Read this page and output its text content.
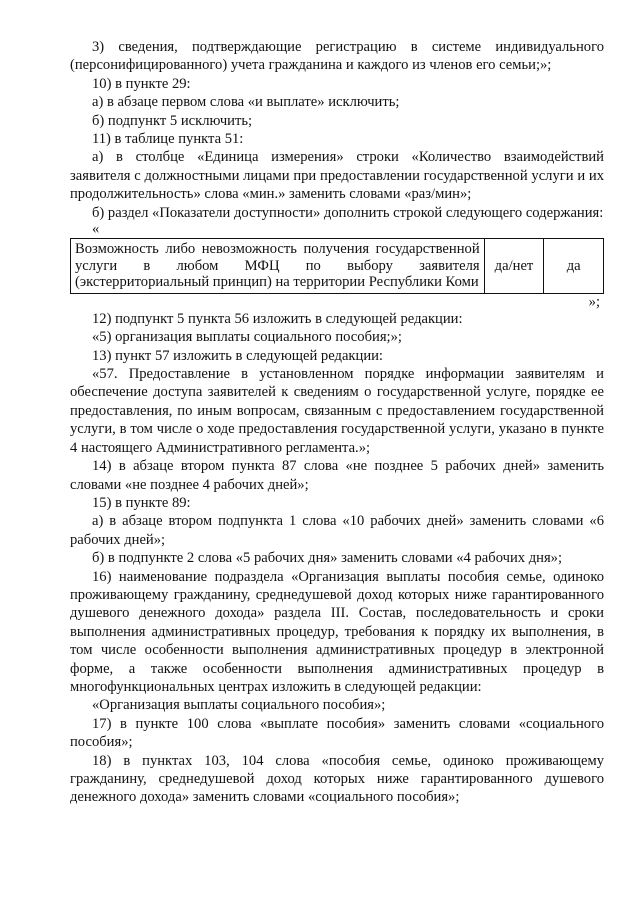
3) сведения, подтверждающие регистрацию в системе индивидуального (персонифицированного) учета гражданина и каждого из членов его семьи;»;

10) в пункте 29:

а) в абзаце первом слова «и выплате» исключить;

б) подпункт 5 исключить;

11) в таблице пункта 51:

а) в столбце «Единица измерения» строки «Количество взаимодействий заявителя с должностными лицами при предоставлении государственной услуги и их продолжительность» слова «мин.» заменить словами «раз/мин»;

б) раздел «Показатели доступности» дополнить строкой следующего содержания:

«

Возможность либо невозможность получения государственной услуги в любом МФЦ по выбору заявителя (экстерриториальный принцип) на территории Республики Коми	да/нет	да

»;

12) подпункт 5 пункта 56 изложить в следующей редакции:

«5) организация выплаты социального пособия;»;

13) пункт 57 изложить в следующей редакции:

«57. Предоставление в установленном порядке информации заявителям и обеспечение доступа заявителей к сведениям о государственной услуге, порядке ее предоставления, по иным вопросам, связанным с предоставлением государственной услуги, в том числе о ходе предоставления государственной услуги, указано в пункте 4 настоящего Административного регламента.»;

14) в абзаце втором пункта 87 слова «не позднее 5 рабочих дней» заменить словами «не позднее 4 рабочих дней»;

15) в пункте 89:

а) в абзаце втором подпункта 1 слова «10 рабочих дней» заменить словами «6 рабочих дней»;

б) в подпункте 2 слова «5 рабочих дня» заменить словами «4 рабочих дня»;

16) наименование подраздела «Организация выплаты пособия семье, одиноко проживающему гражданину, среднедушевой доход которых ниже гарантированного душевого денежного дохода» раздела III. Состав, последовательность и сроки выполнения административных процедур, требования к порядку их выполнения, в том числе особенности выполнения административных процедур в электронной форме, а также особенности выполнения административных процедур в многофункциональных центрах изложить в следующей редакции:

«Организация выплаты социального пособия»;

17) в пункте 100 слова «выплате пособия» заменить словами «социального пособия»;

18) в пунктах 103, 104 слова «пособия семье, одиноко проживающему гражданину, среднедушевой доход которых ниже гарантированного душевого денежного дохода» заменить словами «социального пособия»;
